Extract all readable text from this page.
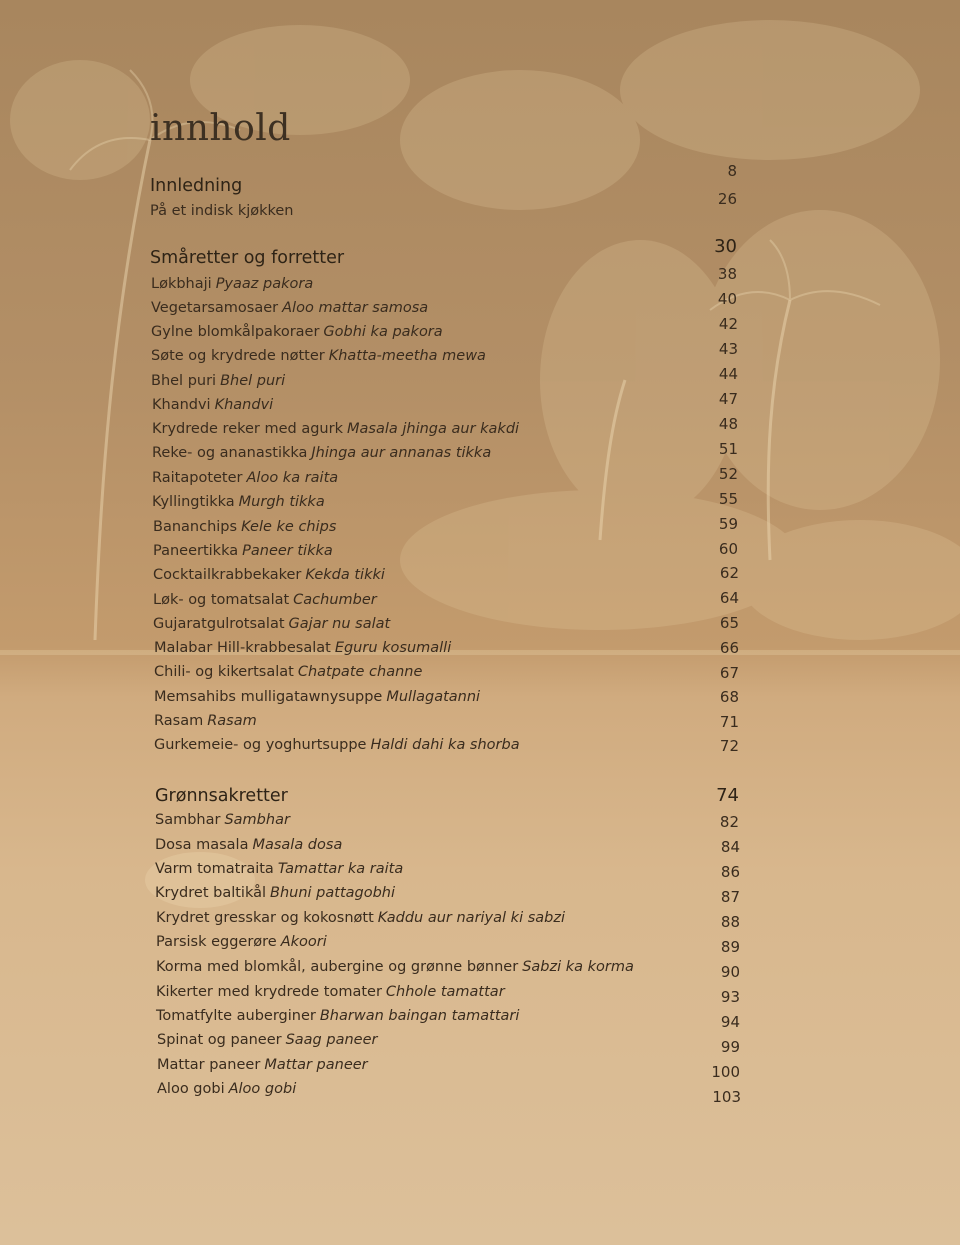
innhold
Innledning
På et indisk kjøkken
Småretter og forretter
Løkbhaji Pyaaz pakora
Vegetarsamosaer Aloo mattar samosa
Gylne blomkålpakoraer Gobhi ka pakora
Søte og krydrede nøtter Khatta-meetha mewa
Bhel puri Bhel puri
Khandvi Khandvi
Krydrede reker med agurk Masala jhinga aur kakdi
Reke- og ananastikka Jhinga aur annanas tikka
Raitapoteter Aloo ka raita
Kyllingtikka Murgh tikka
Bananchips Kele ke chips
Paneertikka Paneer tikka
Cocktailkrabbekaker Kekda tikki
Løk- og tomatsalat Cachumber
Gujaratgulrotsalat Gajar nu salat
Malabar Hill-krabbesalat Eguru kosumalli
Chili- og kikertsalat Chatpate channe
Memsahibs mulligatawnysuppe Mullagatanni
Rasam Rasam
Gurkemeie- og yoghurtsuppe Haldi dahi ka shorba
Grønnsakretter
Sambhar Sambhar
Dosa masala Masala dosa
Varm tomatraita Tamattar ka raita
Krydret baltikål Bhuni pattagobhi
Krydret gresskar og kokosnøtt Kaddu aur nariyal ki sabzi
Parsisk eggerøre Akoori
Korma med blomkål, aubergine og grønne bønner Sabzi ka korma
Kikerter med krydrede tomater Chhole tamattar
Tomatfylte auberginer Bharwan baingan tamattari
Spinat og paneer Saag paneer
Mattar paneer Mattar paneer
Aloo gobi Aloo gobi
8
26
30
38
40
42
43
44
47
48
51
52
55
59
60
62
64
65
66
67
68
71
72
74
82
84
86
87
88
89
90
93
94
99
100
103
